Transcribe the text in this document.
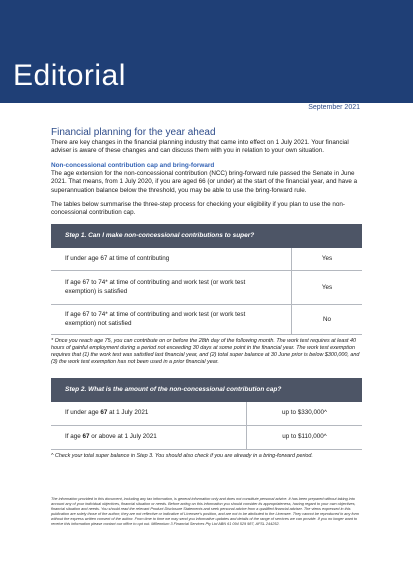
Editorial
September 2021
Financial planning for the year ahead

There are key changes in the financial planning industry that came into effect on 1 July 2021. Your financial adviser is aware of these changes and can discuss them with you in relation to your own situation.

Non-concessional contribution cap and bring-forward

The age extension for the non-concessional contribution (NCC) bring-forward rule passed the Senate in June 2021. That means, from 1 July 2020, if you are aged 66 (or under) at the start of the financial year, and have a superannuation balance below the threshold, you may be able to use the bring-forward rule.

The tables below summarise the three-step process for checking your eligibility if you plan to use the non-concessional contribution cap.

Step 1. Can I make non-concessional contributions to super?	
If under age 67 at time of contributing	Yes
If age 67 to 74* at time of contributing and work test (or work test exemption) is satisfied	Yes
If age 67 to 74* at time of contributing and work test (or work test exemption) not satisfied	No

* Once you reach age 75, you can contribute on or before the 28th day of the following month. The work test requires at least 40 hours of gainful employment during a period not exceeding 30 days at some point in the financial year. The work test exemption requires that (1) the work test was satisfied last financial year, and (2) total super balance at 30 June prior is below $300,000, and (3) the work test exemption has not been used in a prior financial year.

Step 2. What is the amount of the non-concessional contribution cap?	
If under age 67 at 1 July 2021	up to $330,000^
If age 67 or above at 1 July 2021	up to $110,000^

^ Check your total super balance in Step 3. You should also check if you are already in a bring-forward period.

The information provided in this document, including any tax information, is general information only and does not constitute personal advice. It has been prepared without taking into account any of your individual objectives, financial situation or needs. Before acting on this information you should consider its appropriateness, having regard to your own objectives, financial situation and needs. You should read the relevant Product Disclosure Statements and seek personal advice from a qualified financial adviser. The views expressed in this publication are solely those of the author; they are not reflective or indicative of Licensee's position, and are not to be attributed to the Licensee. They cannot be reproduced in any form without the express written consent of the author. From time to time we may send you informative updates and details of the range of services we can provide. If you no longer want to receive this information please contact our office to opt out. Millennium 3 Financial Services Pty Ltd ABN 61 094 529 987, AFSL 244252.
